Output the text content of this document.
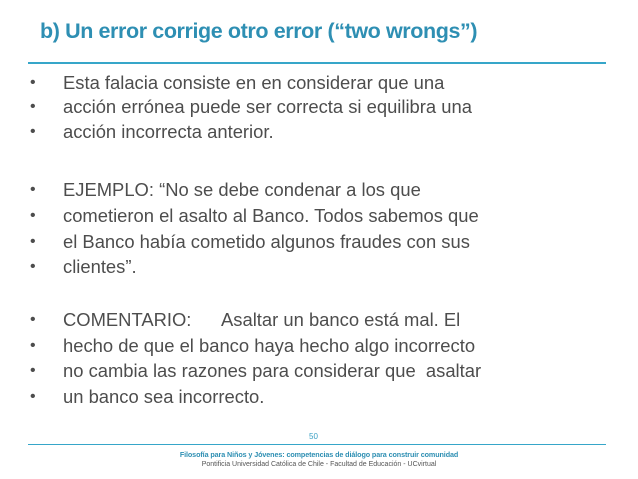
b) Un error corrige otro error (“two wrongs”)
• Esta falacia consiste en en considerar que una
• acción errónea puede ser correcta si equilibra una
• acción incorrecta anterior.
• EJEMPLO: “No se debe condenar a los que
• cometieron el asalto al Banco. Todos sabemos que
• el Banco había cometido algunos fraudes con sus
• clientes”.
• COMENTARIO:      Asaltar un banco está mal. El
• hecho de que el banco haya hecho algo incorrecto
• no cambia las razones para considerar que  asaltar
• un banco sea incorrecto.
50
Filosofía para Niños y Jóvenes: competencias de diálogo para construir comunidad
Pontificia Universidad Católica de Chile - Facultad de Educación - UCvirtual
